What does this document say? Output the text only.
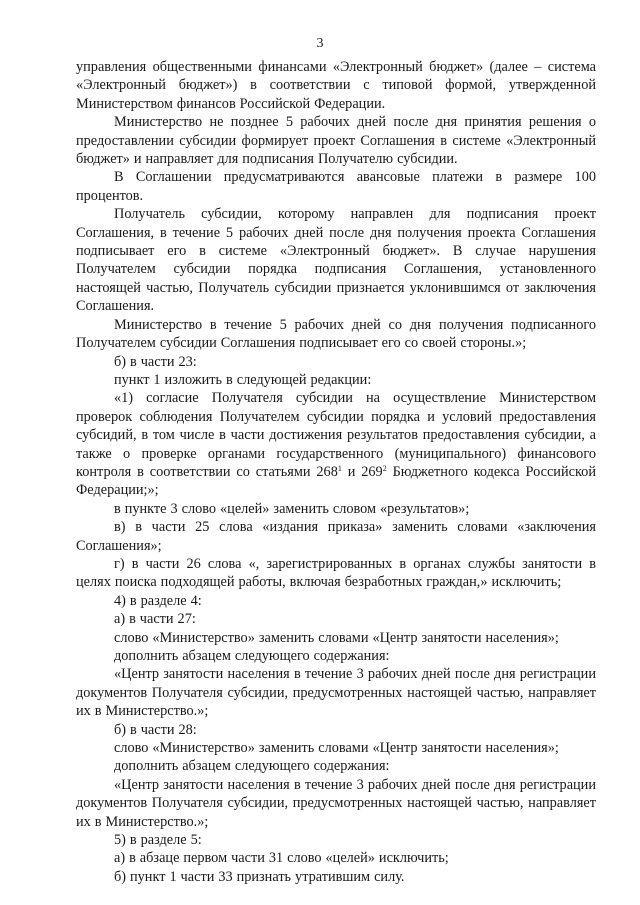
3

управления общественными финансами «Электронный бюджет» (далее – система «Электронный бюджет») в соответствии с типовой формой, утвержденной Министерством финансов Российской Федерации.

Министерство не позднее 5 рабочих дней после дня принятия решения о предоставлении субсидии формирует проект Соглашения в системе «Электронный бюджет» и направляет для подписания Получателю субсидии.

В Соглашении предусматриваются авансовые платежи в размере 100 процентов.

Получатель субсидии, которому направлен для подписания проект Соглашения, в течение 5 рабочих дней после дня получения проекта Соглашения подписывает его в системе «Электронный бюджет». В случае нарушения Получателем субсидии порядка подписания Соглашения, установленного настоящей частью, Получатель субсидии признается уклонившимся от заключения Соглашения.

Министерство в течение 5 рабочих дней со дня получения подписанного Получателем субсидии Соглашения подписывает его со своей стороны.»;

б) в части 23:

пункт 1 изложить в следующей редакции:

«1) согласие Получателя субсидии на осуществление Министерством проверок соблюдения Получателем субсидии порядка и условий предоставления субсидий, в том числе в части достижения результатов предоставления субсидии, а также о проверке органами государственного (муниципального) финансового контроля в соответствии со статьями $268^1$ и $269^2$ Бюджетного кодекса Российской Федерации;»;

в пункте 3 слово «целей» заменить словом «результатов»;

в) в части 25 слова «издания приказа» заменить словами «заключения Соглашения»;

г) в части 26 слова «, зарегистрированных в органах службы занятости в целях поиска подходящей работы, включая безработных граждан,» исключить;

4) в разделе 4:

а) в части 27:

слово «Министерство» заменить словами «Центр занятости населения»;

дополнить абзацем следующего содержания:

«Центр занятости населения в течение 3 рабочих дней после дня регистрации документов Получателя субсидии, предусмотренных настоящей частью, направляет их в Министерство.»;

б) в части 28:

слово «Министерство» заменить словами «Центр занятости населения»;

дополнить абзацем следующего содержания:

«Центр занятости населения в течение 3 рабочих дней после дня регистрации документов Получателя субсидии, предусмотренных настоящей частью, направляет их в Министерство.»;

5) в разделе 5:

а) в абзаце первом части 31 слово «целей» исключить;

б) пункт 1 части 33 признать утратившим силу.
